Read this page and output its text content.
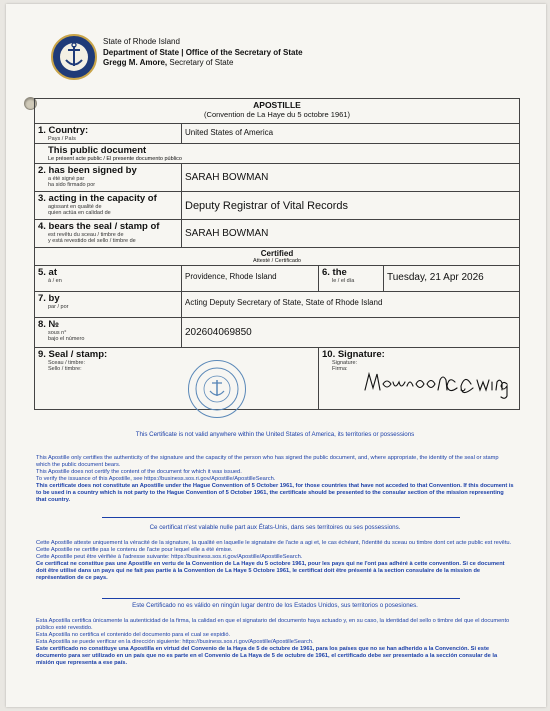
State of Rhode Island
Department of State | Office of the Secretary of State
Gregg M. Amore, Secretary of State
APOSTILLE
(Convention de La Haye du 5 octobre 1961)			

1. Country:
Pays / País	United States of America		
This public document
Le présent acte public / El presente documento público			

2. has been signed by
a été signé par
ha sido firmado por	SARAH BOWMAN		
3. acting in the capacity of
agissant en qualité de
quien actúa en calidad de	Deputy Registrar of Vital Records		
4. bears the seal / stamp of
est revêtu du sceau / timbre de
y está revestido del sello / timbre de	SARAH BOWMAN		

Certified
Attesté / Certificado			

5. at
à / en	Providence, Rhode Island	6. the
le / el día	Tuesday, 21 Apr 2026
7. by
par / por	Acting Deputy Secretary of State, State of Rhode Island		
8. №
sous n°
bajo el número	202604069850		
9. Seal / stamp:
Sceau / timbre:
Sello / timbre:		10. Signature:
Signature:
Firma:	
This Certificate is not valid anywhere within the United States of America, its territories or possessions

This Apostille only certifies the authenticity of the signature and the capacity of the person who has signed the public document, and, where appropriate, the identity of the seal or stamp which the public document bears.

This Apostille does not certify the content of the document for which it was issued.

To verify the issuance of this Apostille, see https://business.sos.ri.gov/Apostille/ApostilleSearch.

This certificate does not constitute an Apostille under the Hague Convention of 5 October 1961, for those countries that have not acceded to that Convention. If this document is to be used in a country which is not party to the Hague Convention of 5 October 1961, the certificate should be presented to the consular section of the mission representing that country.

Ce certificat n'est valable nulle part aux États-Unis, dans ses territoires ou ses possessions.

Cette Apostille atteste uniquement la véracité de la signature, la qualité en laquelle le signataire de l'acte a agi et, le cas échéant, l'identité du sceau ou timbre dont cet acte public est revêtu.

Cette Apostille ne certifie pas le contenu de l'acte pour lequel elle a été émise.

Cette Apostille peut être vérifiée à l'adresse suivante: https://business.sos.ri.gov/Apostille/ApostilleSearch.

Ce certificat ne constitue pas une Apostille en vertu de la Convention de La Haye du 5 octobre 1961, pour les pays qui ne l'ont pas adhéré à cette convention. Si ce document doit être utilisé dans un pays qui ne fait pas partie à la Convention de La Haye 5 Octobre 1961, le certificat doit être présenté à la section consulaire de la mission de représentation de ce pays.

Este Certificado no es válido en ningún lugar dentro de los Estados Unidos, sus territorios o posesiones.

Esta Apostilla certifica únicamente la autenticidad de la firma, la calidad en que el signatario del documento haya actuado y, en su caso, la identidad del sello o timbre del que el documento público esté revestido.

Esta Apostilla no certifica el contenido del documento para el cual se expidió.

Esta Apostilla se puede verificar en la dirección siguiente: https://business.sos.ri.gov/Apostille/ApostilleSearch.

Este certificado no constituye una Apostilla en virtud del Convenio de la Haya de 5 de octubre de 1961, para los países que no se han adherido a la Convención. Si este documento para ser utilizado en un país que no es parte en el Convenio de La Haya de 5 de octubre de 1961, el certificado debe ser presentado a la sección consular de la misión que representa a ese país.
